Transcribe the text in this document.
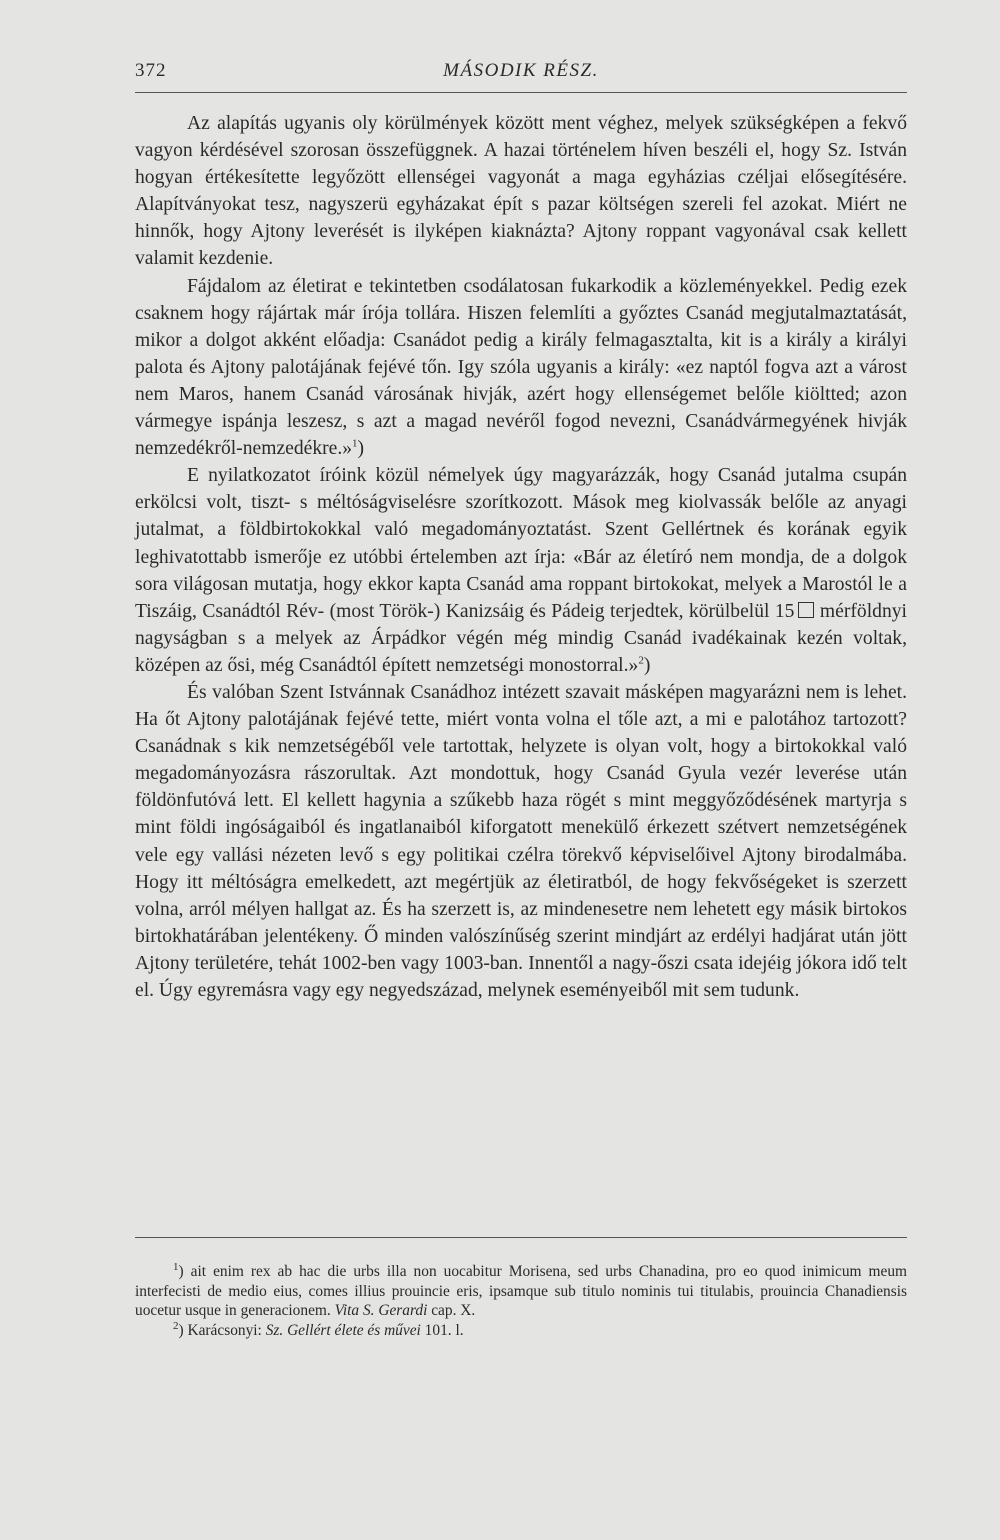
372	MÁSODIK RÉSZ.

Az alapítás ugyanis oly körülmények között ment véghez, melyek szükségképen a fekvő vagyon kérdésével szorosan összefüggnek. A hazai történelem híven beszéli el, hogy Sz. István hogyan értékesítette legyőzött ellenségei vagyonát a maga egyházias czéljai elősegítésére. Alapítványokat tesz, nagyszerü egyházakat épít s pazar költségen szereli fel azokat. Miért ne hinnők, hogy Ajtony leverését is ilyképen kiaknázta? Ajtony roppant vagyonával csak kellett valamit kezdenie.

Fájdalom az életirat e tekintetben csodálatosan fukarkodik a közleményekkel. Pedig ezek csaknem hogy rájártak már írója tollára. Hiszen felemlíti a győztes Csanád megjutalmaztatását, mikor a dolgot akként előadja: Csanádot pedig a király felmagasztalta, kit is a király a királyi palota és Ajtony palotájának fejévé tőn. Igy szóla ugyanis a király: «ez naptól fogva azt a várost nem Maros, hanem Csanád városának hivják, azért hogy ellenségemet belőle kiöltted; azon vármegye ispánja leszesz, s azt a magad nevéről fogod nevezni, Csanádvármegyének hivják nemzedékről-nemzedékre.»$^1$)

E nyilatkozatot íróink közül némelyek úgy magyarázzák, hogy Csanád jutalma csupán erkölcsi volt, tiszt- s méltóságviselésre szorítkozott. Mások meg kiolvassák belőle az anyagi jutalmat, a földbirtokokkal való megadományoztatást. Szent Gellértnek és korának egyik leghivatottabb ismerője ez utóbbi értelemben azt írja: «Bár az életíró nem mondja, de a dolgok sora világosan mutatja, hogy ekkor kapta Csanád ama roppant birtokokat, melyek a Marostól le a Tiszáig, Csanádtól Rév- (most Török-) Kanizsáig és Pádeig terjedtek, körülbelül 15 mérföldnyi nagyságban s a melyek az Árpádkor végén még mindig Csanád ivadékainak kezén voltak, középen az ősi, még Csanádtól épített nemzetségi monostorral.»$^2$)

És valóban Szent Istvánnak Csanádhoz intézett szavait másképen magyarázni nem is lehet. Ha őt Ajtony palotájának fejévé tette, miért vonta volna el tőle azt, a mi e palotához tartozott? Csanádnak s kik nemzetségéből vele tartottak, helyzete is olyan volt, hogy a birtokokkal való megadományozásra rászorultak. Azt mondottuk, hogy Csanád Gyula vezér leverése után földönfutóvá lett. El kellett hagynia a szűkebb haza rögét s mint meggyőződésének martyrja s mint földi ingóságaiból és ingatlanaiból kiforgatott menekülő érkezett szétvert nemzetségének vele egy vallási nézeten levő s egy politikai czélra törekvő képviselőivel Ajtony birodalmába. Hogy itt méltóságra emelkedett, azt megértjük az életiratból, de hogy fekvőségeket is szerzett volna, arról mélyen hallgat az. És ha szerzett is, az mindenesetre nem lehetett egy másik birtokos birtokhatárában jelentékeny. Ő minden valószínűség szerint mindjárt az erdélyi hadjárat után jött Ajtony területére, tehát 1002-ben vagy 1003-ban. Innentől a nagy-őszi csata idejéig jókora idő telt el. Úgy egyremásra vagy egy negyedszázad, melynek eseményeiből mit sem tudunk.

$^1$) ait enim rex ab hac die urbs illa non uocabitur Morisena, sed urbs Chanadina, pro eo quod inimicum meum interfecisti de medio eius, comes illius prouincie eris, ipsamque sub titulo nominis tui titulabis, prouincia Chanadiensis uocetur usque in generacionem. Vita S. Gerardi cap. X.

$^2$) Karácsonyi: Sz. Gellért élete és művei 101. l.
